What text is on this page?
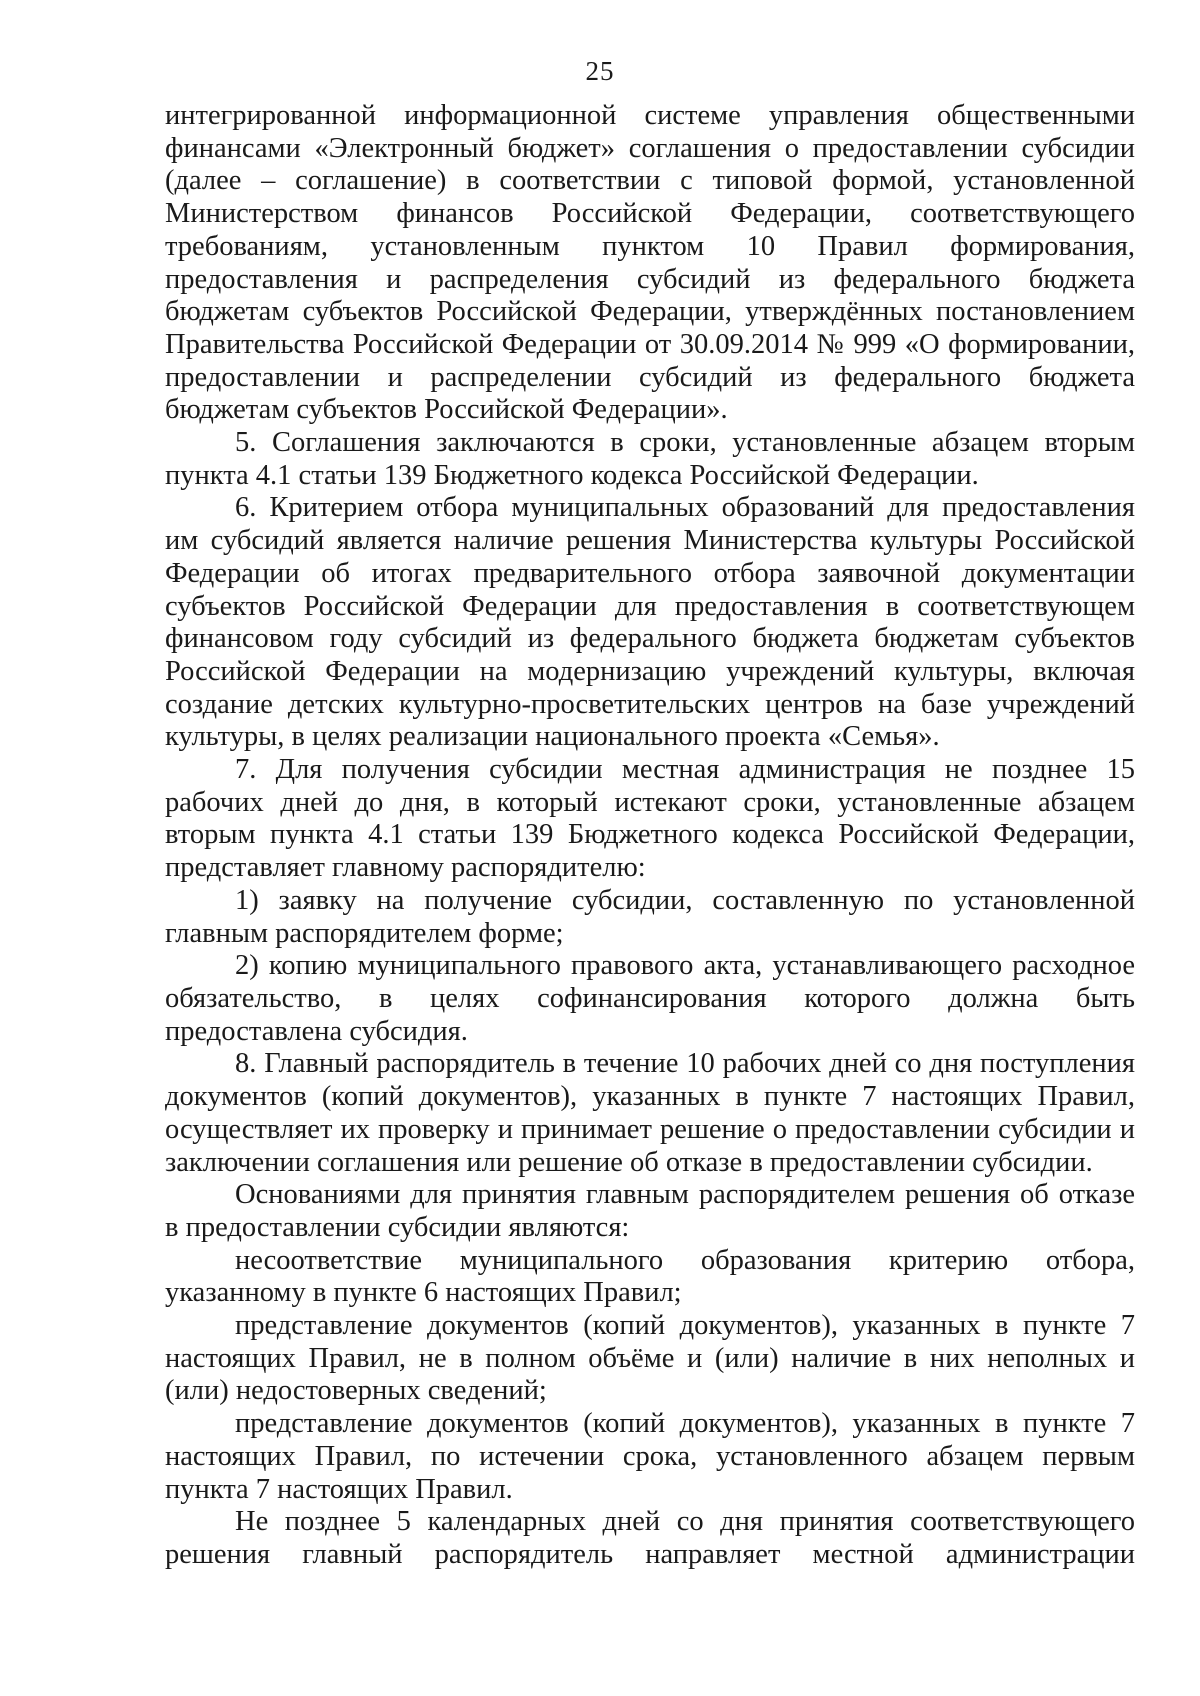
25

интегрированной информационной системе управления общественными финансами «Электронный бюджет» соглашения о предоставлении субсидии (далее – соглашение) в соответствии с типовой формой, установленной Министерством финансов Российской Федерации, соответствующего требованиям, установленным пунктом 10 Правил формирования, предоставления и распределения субсидий из федерального бюджета бюджетам субъектов Российской Федерации, утверждённых постановлением Правительства Российской Федерации от 30.09.2014 № 999 «О формировании, предоставлении и распределении субсидий из федерального бюджета бюджетам субъектов Российской Федерации».

5. Соглашения заключаются в сроки, установленные абзацем вторым пункта 4.1 статьи 139 Бюджетного кодекса Российской Федерации.

6. Критерием отбора муниципальных образований для предоставления им субсидий является наличие решения Министерства культуры Российской Федерации об итогах предварительного отбора заявочной документации субъектов Российской Федерации для предоставления в соответствующем финансовом году субсидий из федерального бюджета бюджетам субъектов Российской Федерации на модернизацию учреждений культуры, включая создание детских культурно-просветительских центров на базе учреждений культуры, в целях реализации национального проекта «Семья».

7. Для получения субсидии местная администрация не позднее 15 рабочих дней до дня, в который истекают сроки, установленные абзацем вторым пункта 4.1 статьи 139 Бюджетного кодекса Российской Федерации, представляет главному распорядителю:

1) заявку на получение субсидии, составленную по установленной главным распорядителем форме;

2) копию муниципального правового акта, устанавливающего расходное обязательство, в целях софинансирования которого должна быть предоставлена субсидия.

8. Главный распорядитель в течение 10 рабочих дней со дня поступления документов (копий документов), указанных в пункте 7 настоящих Правил, осуществляет их проверку и принимает решение о предоставлении субсидии и заключении соглашения или решение об отказе в предоставлении субсидии.

Основаниями для принятия главным распорядителем решения об отказе в предоставлении субсидии являются:

несоответствие муниципального образования критерию отбора, указанному в пункте 6 настоящих Правил;

представление документов (копий документов), указанных в пункте 7 настоящих Правил, не в полном объёме и (или) наличие в них неполных и (или) недостоверных сведений;

представление документов (копий документов), указанных в пункте 7 настоящих Правил, по истечении срока, установленного абзацем первым пункта 7 настоящих Правил.

Не позднее 5 календарных дней со дня принятия соответствующего решения главный распорядитель направляет местной администрации
